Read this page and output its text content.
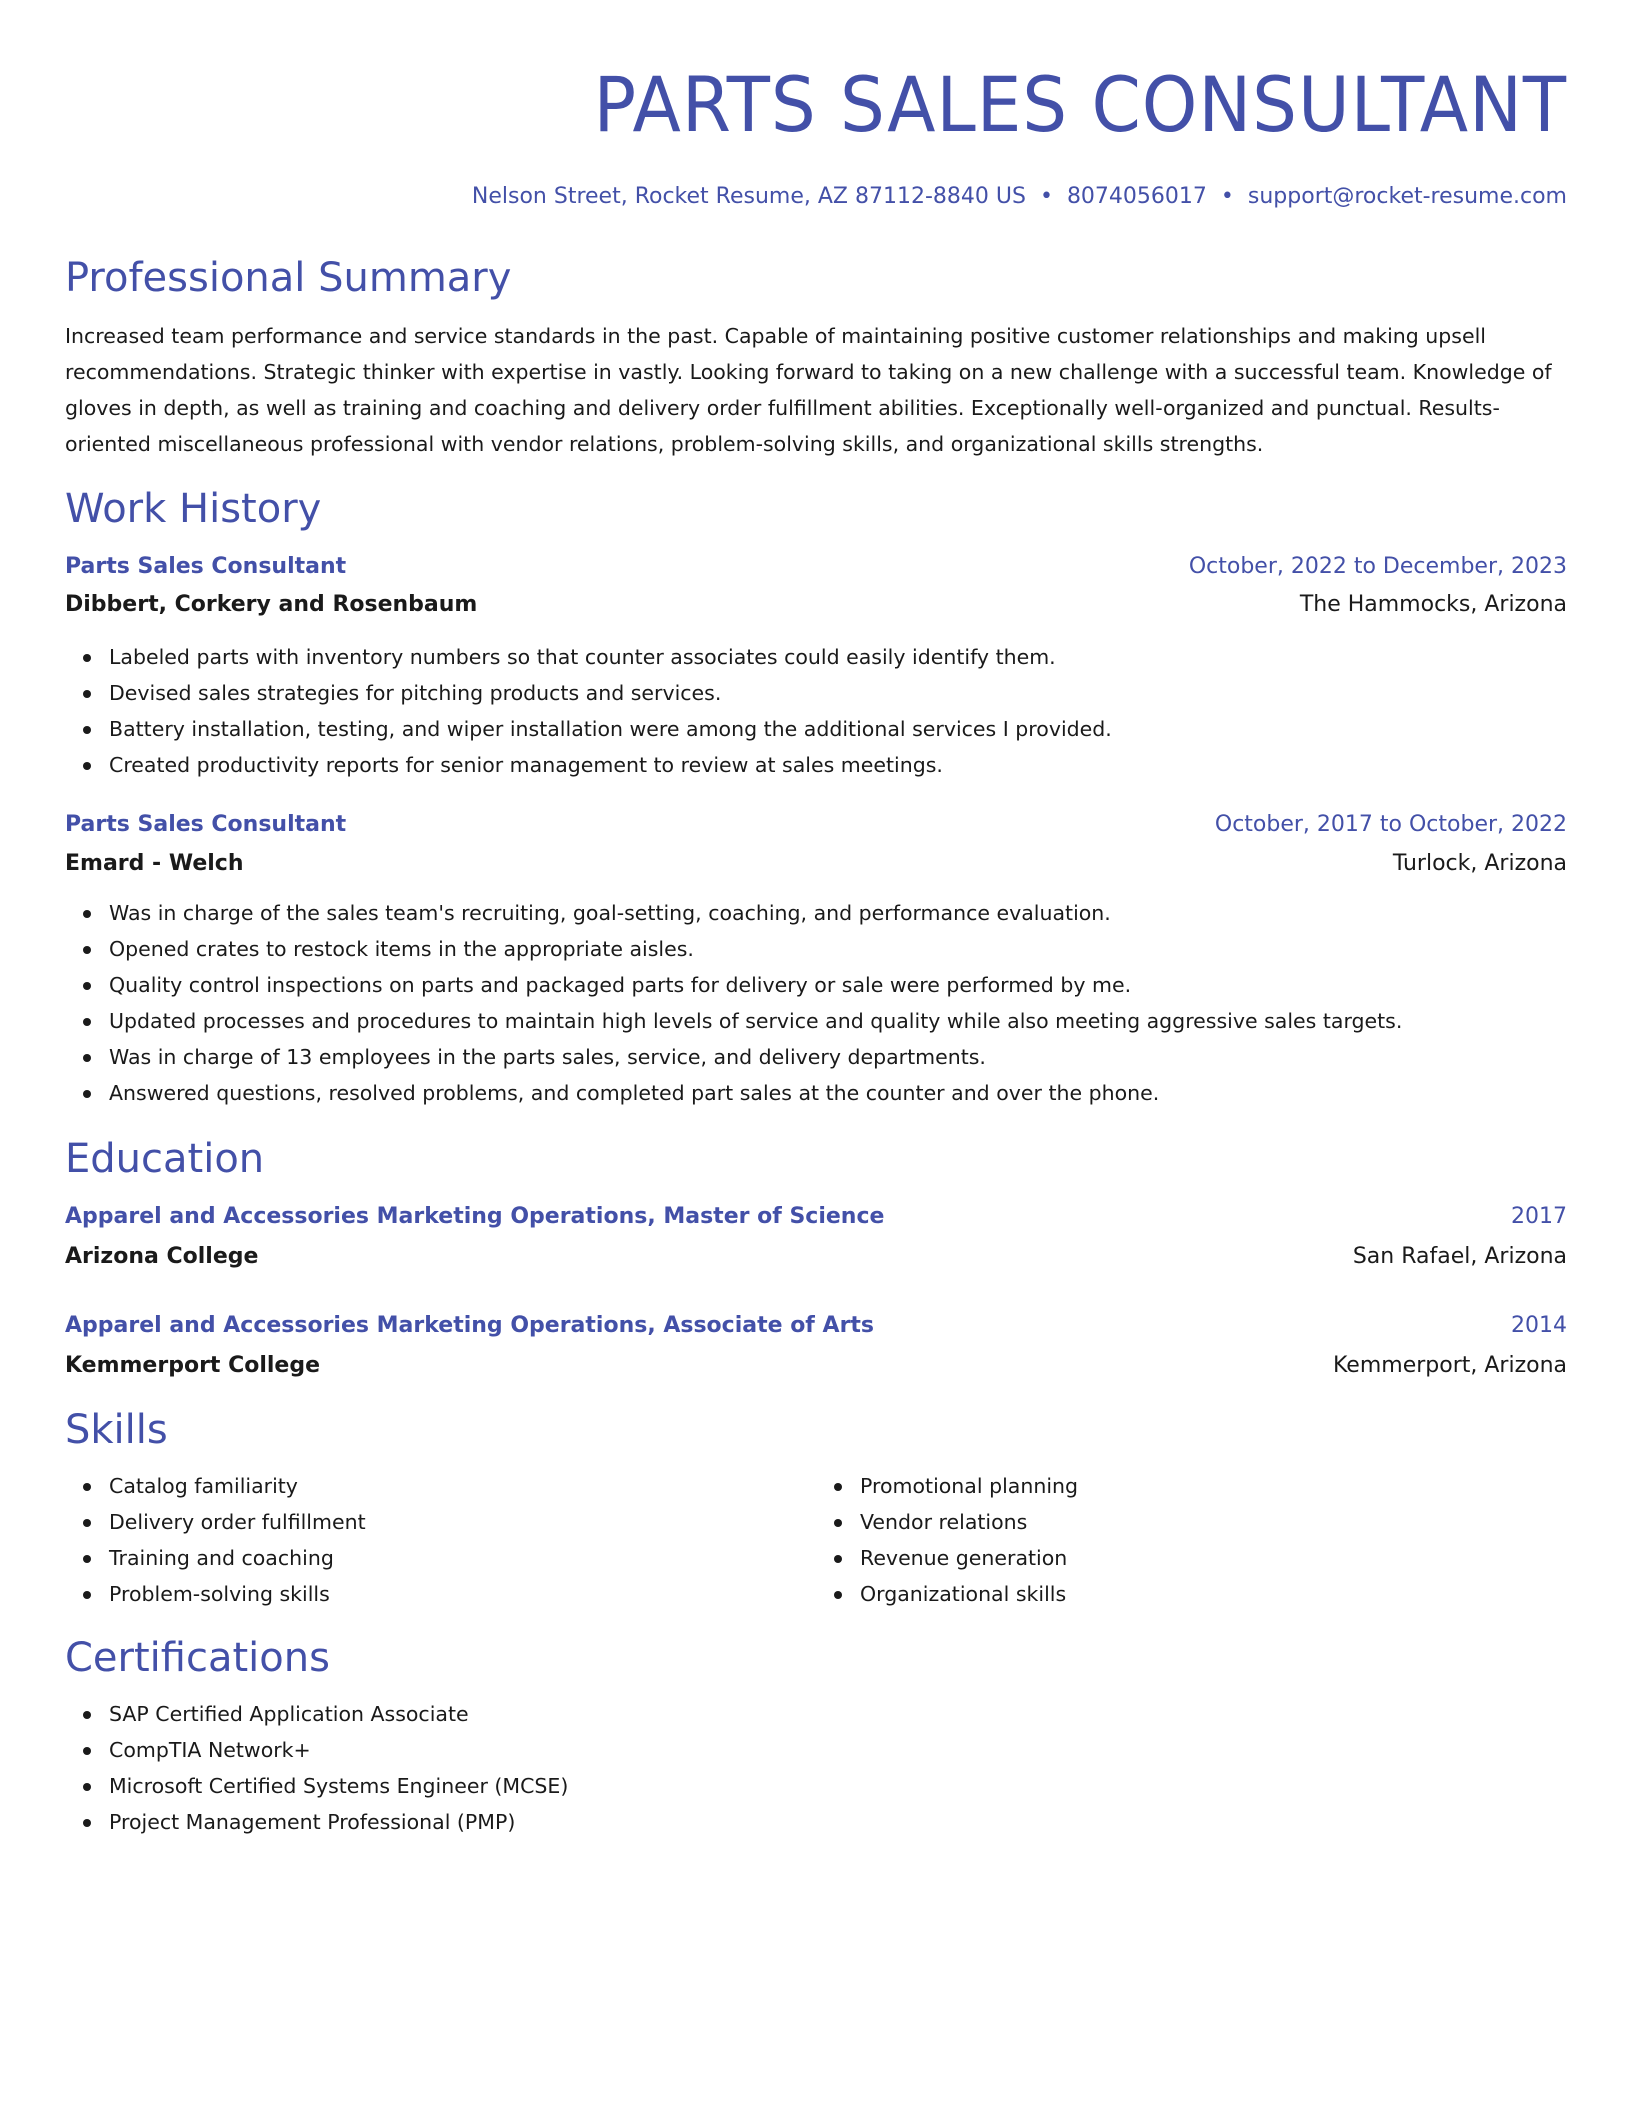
PARTS SALES CONSULTANT
Nelson Street, Rocket Resume, AZ 87112-8840 US • 8074056017 • support@rocket-resume.com
Professional Summary

Increased team performance and service standards in the past. Capable of maintaining positive customer relationships and making upsell recommendations. Strategic thinker with expertise in vastly. Looking forward to taking on a new challenge with a successful team. Knowledge of gloves in depth, as well as training and coaching and delivery order fulfillment abilities. Exceptionally well-organized and punctual. Results-oriented miscellaneous professional with vendor relations, problem-solving skills, and organizational skills strengths.

Work History
Parts Sales Consultant	October, 2022 to December, 2023
Dibbert, Corkery and Rosenbaum	The Hammocks, Arizona
Labeled parts with inventory numbers so that counter associates could easily identify them.
Devised sales strategies for pitching products and services.
Battery installation, testing, and wiper installation were among the additional services I provided.
Created productivity reports for senior management to review at sales meetings.
Parts Sales Consultant	October, 2017 to October, 2022
Emard - Welch	Turlock, Arizona
Was in charge of the sales team's recruiting, goal-setting, coaching, and performance evaluation.
Opened crates to restock items in the appropriate aisles.
Quality control inspections on parts and packaged parts for delivery or sale were performed by me.
Updated processes and procedures to maintain high levels of service and quality while also meeting aggressive sales targets.
Was in charge of 13 employees in the parts sales, service, and delivery departments.
Answered questions, resolved problems, and completed part sales at the counter and over the phone.
Education
Apparel and Accessories Marketing Operations, Master of Science	2017
Arizona College	San Rafael, Arizona
Apparel and Accessories Marketing Operations, Associate of Arts	2014
Kemmerport College	Kemmerport, Arizona
Skills
Catalog familiarity
Delivery order fulfillment
Training and coaching
Problem-solving skills
Promotional planning
Vendor relations
Revenue generation
Organizational skills
Certifications
SAP Certified Application Associate
CompTIA Network+
Microsoft Certified Systems Engineer (MCSE)
Project Management Professional (PMP)
